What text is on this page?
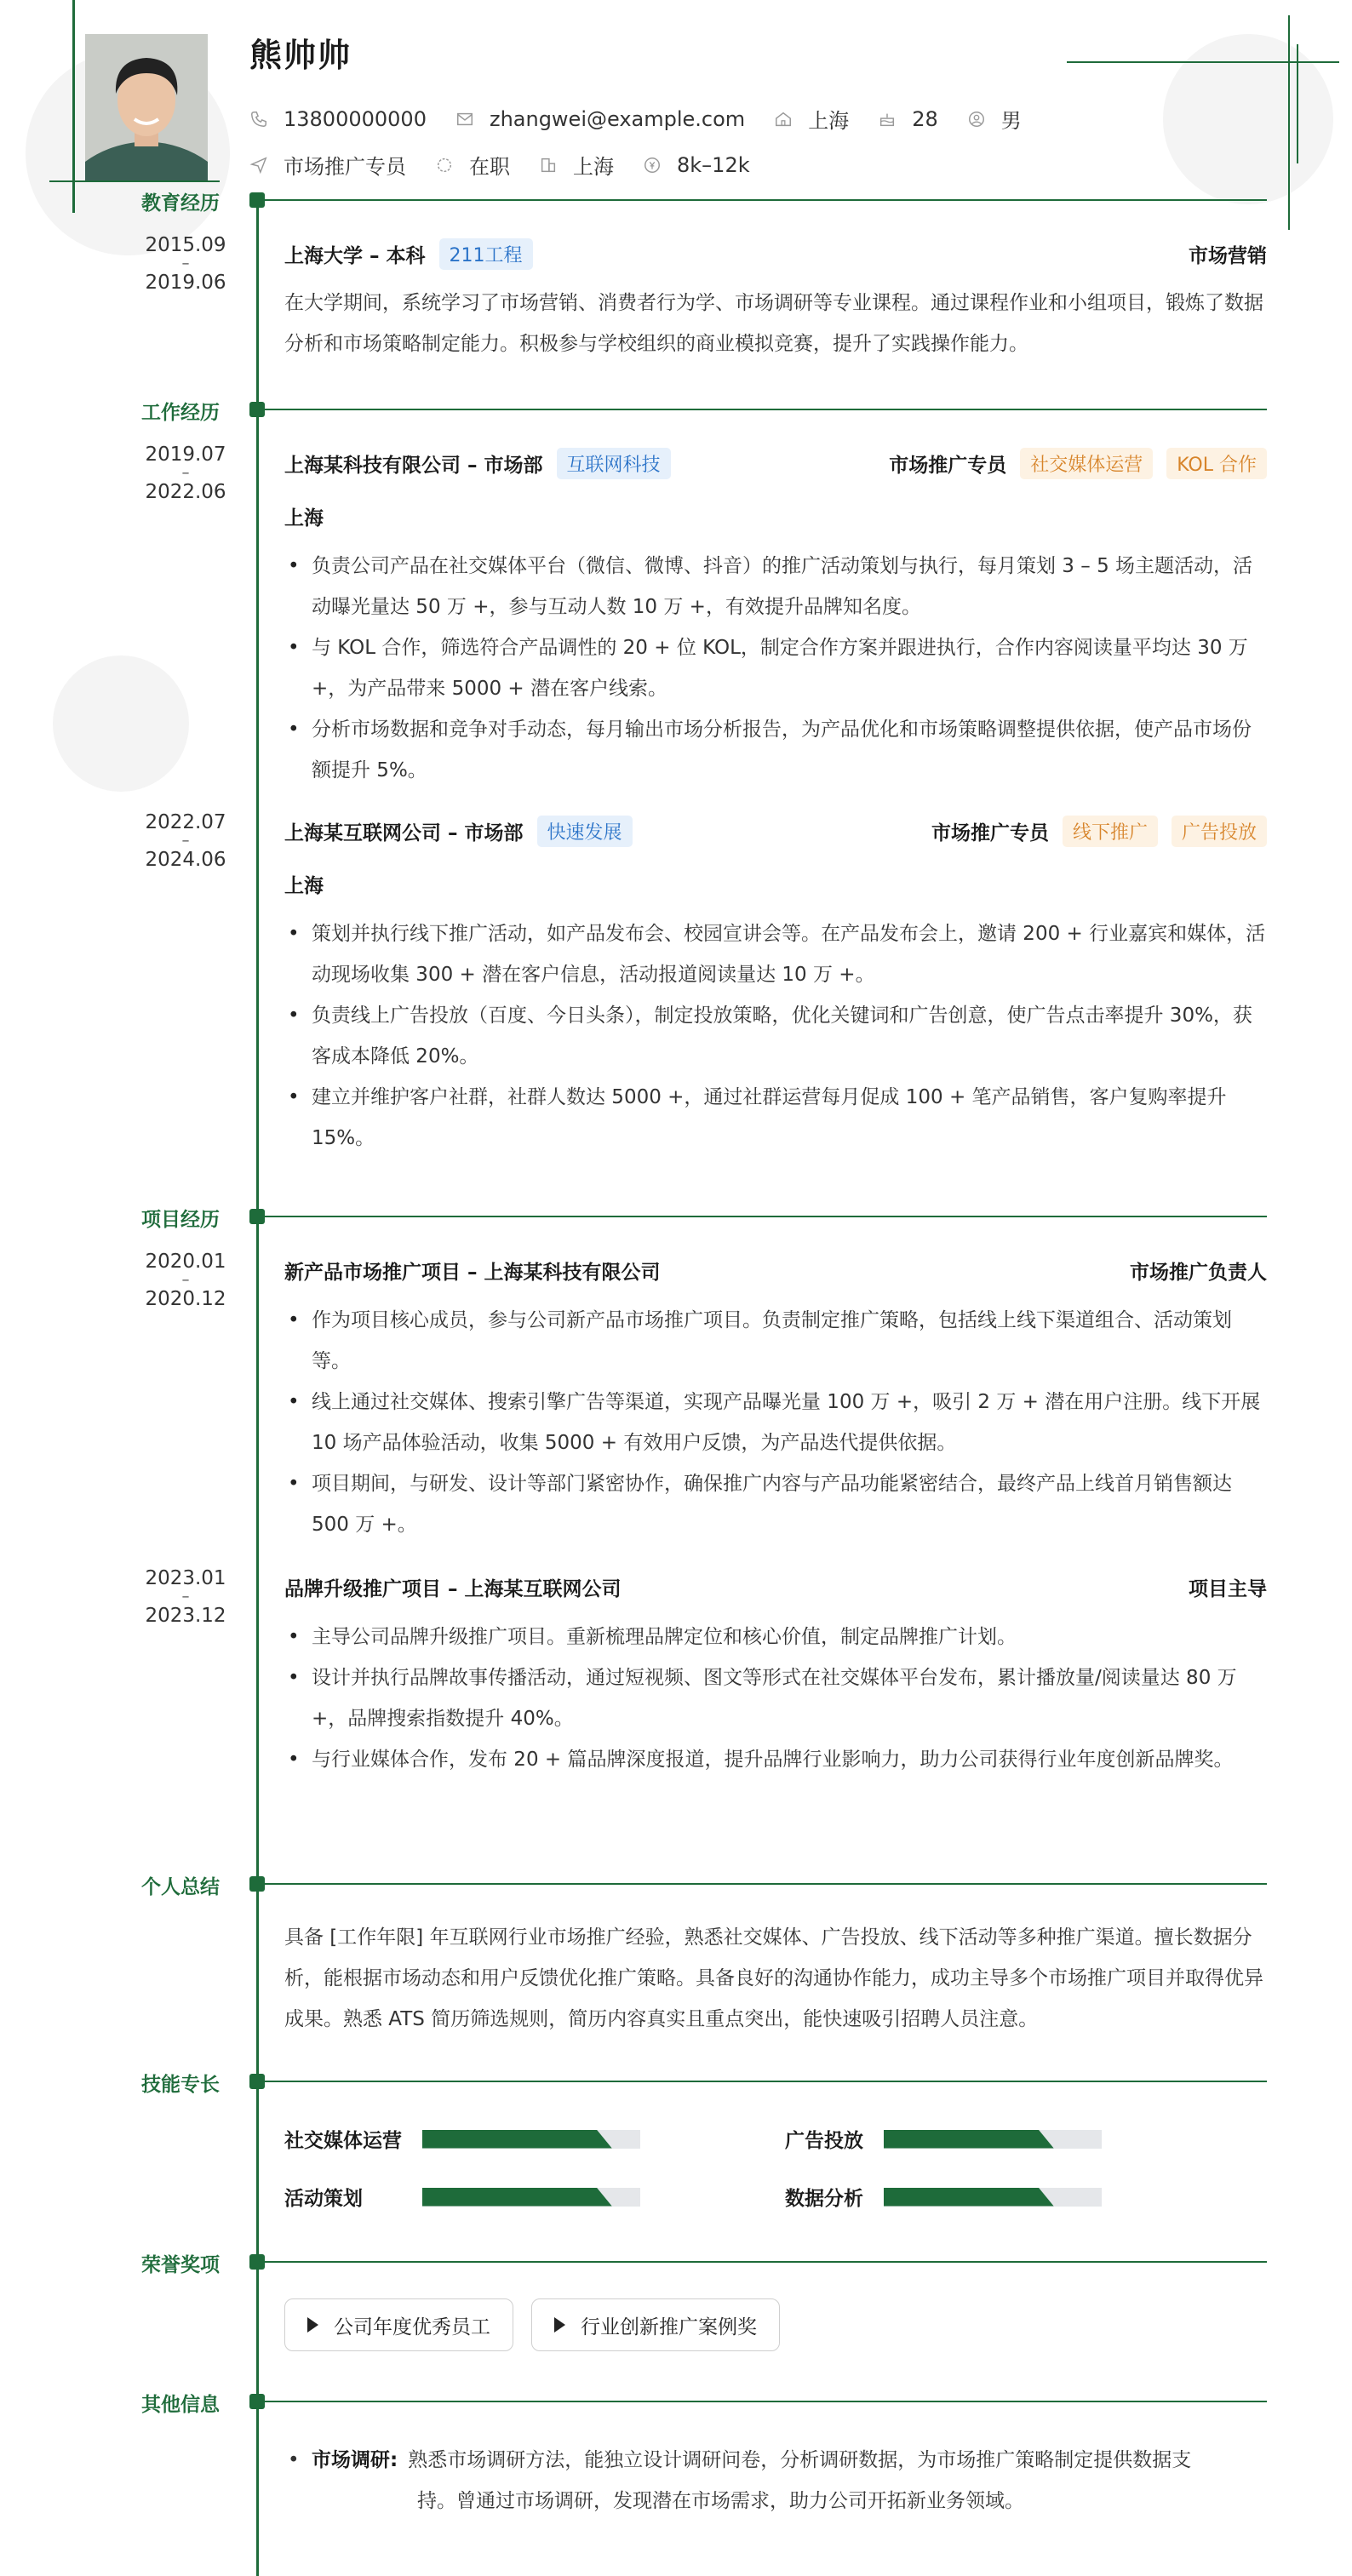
熊帅帅
13800000000	zhangwei@example.com	上海	28	男
市场推广专员	在职	上海	8k–12k
教育经历
2015.09
–
2019.06
上海大学 – 本科	211工程	市场营销
在大学期间，系统学习了市场营销、消费者行为学、市场调研等专业课程。通过课程作业和小组项目，锻炼了数据分析和市场策略制定能力。积极参与学校组织的商业模拟竞赛，提升了实践操作能力。
工作经历
2019.07
–
2022.06
上海某科技有限公司 – 市场部	互联网科技	市场推广专员	社交媒体运营	KOL 合作
上海
• 负责公司产品在社交媒体平台（微信、微博、抖音）的推广活动策划与执行，每月策划 3 – 5 场主题活动，活动曝光量达 50 万 +，参与互动人数 10 万 +，有效提升品牌知名度。
• 与 KOL 合作，筛选符合产品调性的 20 + 位 KOL，制定合作方案并跟进执行，合作内容阅读量平均达 30 万 +，为产品带来 5000 + 潜在客户线索。
• 分析市场数据和竞争对手动态，每月输出市场分析报告，为产品优化和市场策略调整提供依据，使产品市场份额提升 5%。
2022.07
–
2024.06
上海某互联网公司 – 市场部	快速发展	市场推广专员	线下推广	广告投放
上海
• 策划并执行线下推广活动，如产品发布会、校园宣讲会等。在产品发布会上，邀请 200 + 行业嘉宾和媒体，活动现场收集 300 + 潜在客户信息，活动报道阅读量达 10 万 +。
• 负责线上广告投放（百度、今日头条），制定投放策略，优化关键词和广告创意，使广告点击率提升 30%，获客成本降低 20%。
• 建立并维护客户社群，社群人数达 5000 +，通过社群运营每月促成 100 + 笔产品销售，客户复购率提升 15%。
项目经历
2020.01
–
2020.12
新产品市场推广项目 – 上海某科技有限公司	市场推广负责人
• 作为项目核心成员，参与公司新产品市场推广项目。负责制定推广策略，包括线上线下渠道组合、活动策划等。
• 线上通过社交媒体、搜索引擎广告等渠道，实现产品曝光量 100 万 +，吸引 2 万 + 潜在用户注册。线下开展 10 场产品体验活动，收集 5000 + 有效用户反馈，为产品迭代提供依据。
• 项目期间，与研发、设计等部门紧密协作，确保推广内容与产品功能紧密结合，最终产品上线首月销售额达 500 万 +。
2023.01
–
2023.12
品牌升级推广项目 – 上海某互联网公司	项目主导
• 主导公司品牌升级推广项目。重新梳理品牌定位和核心价值，制定品牌推广计划。
• 设计并执行品牌故事传播活动，通过短视频、图文等形式在社交媒体平台发布，累计播放量/阅读量达 80 万 +，品牌搜索指数提升 40%。
• 与行业媒体合作，发布 20 + 篇品牌深度报道，提升品牌行业影响力，助力公司获得行业年度创新品牌奖。
个人总结
具备 [工作年限] 年互联网行业市场推广经验，熟悉社交媒体、广告投放、线下活动等多种推广渠道。擅长数据分析，能根据市场动态和用户反馈优化推广策略。具备良好的沟通协作能力，成功主导多个市场推广项目并取得优异成果。熟悉 ATS 简历筛选规则，简历内容真实且重点突出，能快速吸引招聘人员注意。
技能专长
社交媒体运营	广告投放
活动策划	数据分析
荣誉奖项
公司年度优秀员工	行业创新推广案例奖
其他信息
• 市场调研: 熟悉市场调研方法，能独立设计调研问卷，分析调研数据，为市场推广策略制定提供数据支
持。曾通过市场调研，发现潜在市场需求，助力公司开拓新业务领域。
